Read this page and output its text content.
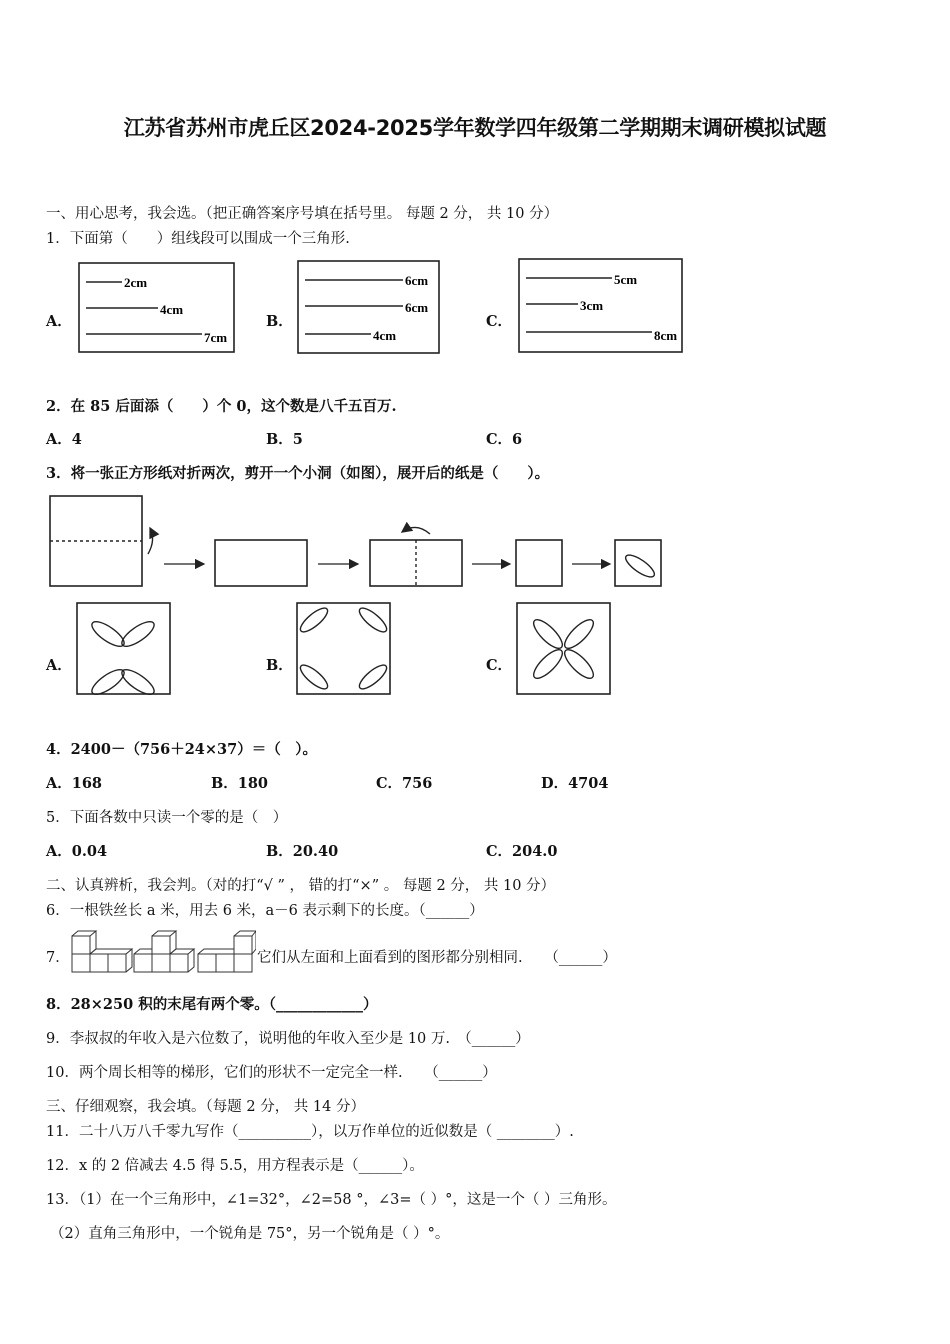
江苏省苏州市虎丘区2024-2025学年数学四年级第二学期期末调研模拟试题
一、用心思考，我会选。（把正确答案序号填在括号里。 每题 2 分， 共 10 分）
1．下面第（　　）组线段可以围成一个三角形.
A．
2cm
4cm
7cm
B．
6cm
6cm
4cm
C．
5cm
3cm
8cm
2．在 85 后面添（　　）个 0，这个数是八千五百万.
A．4	B．5	C．6
3．将一张正方形纸对折两次，剪开一个小洞（如图），展开后的纸是（　　）。
A．	B．	C．
4．2400－（756＋24×37）＝（　）。
A．168	B．180	C．756	D．4704
5．下面各数中只读一个零的是（　）
A．0.04	B．20.40	C．204.0
二、认真辨析，我会判。（对的打“√ ” ， 错的打“×” 。 每题 2 分， 共 10 分）
6．一根铁丝长 a 米，用去 6 米，a－6 表示剩下的长度。（______）
7．	它们从左面和上面看到的图形都分别相同.　　（______）
8．28×250 积的末尾有两个零。（____________）
9．李叔叔的年收入是六位数了，说明他的年收入至少是 10 万.　（______）
10．两个周长相等的梯形，它们的形状不一定完全一样.　　（______）
三、仔细观察，我会填。（每题 2 分， 共 14 分）
11．二十八万八千零九写作（__________），以万作单位的近似数是（ ________）.
12．x 的 2 倍减去 4.5 得 5.5，用方程表示是（______）。
13．（1）在一个三角形中，∠1=32°，∠2=58 °，∠3=（ ）°，这是一个（ ）三角形。
（2）直角三角形中，一个锐角是 75°，另一个锐角是（ ）°。
